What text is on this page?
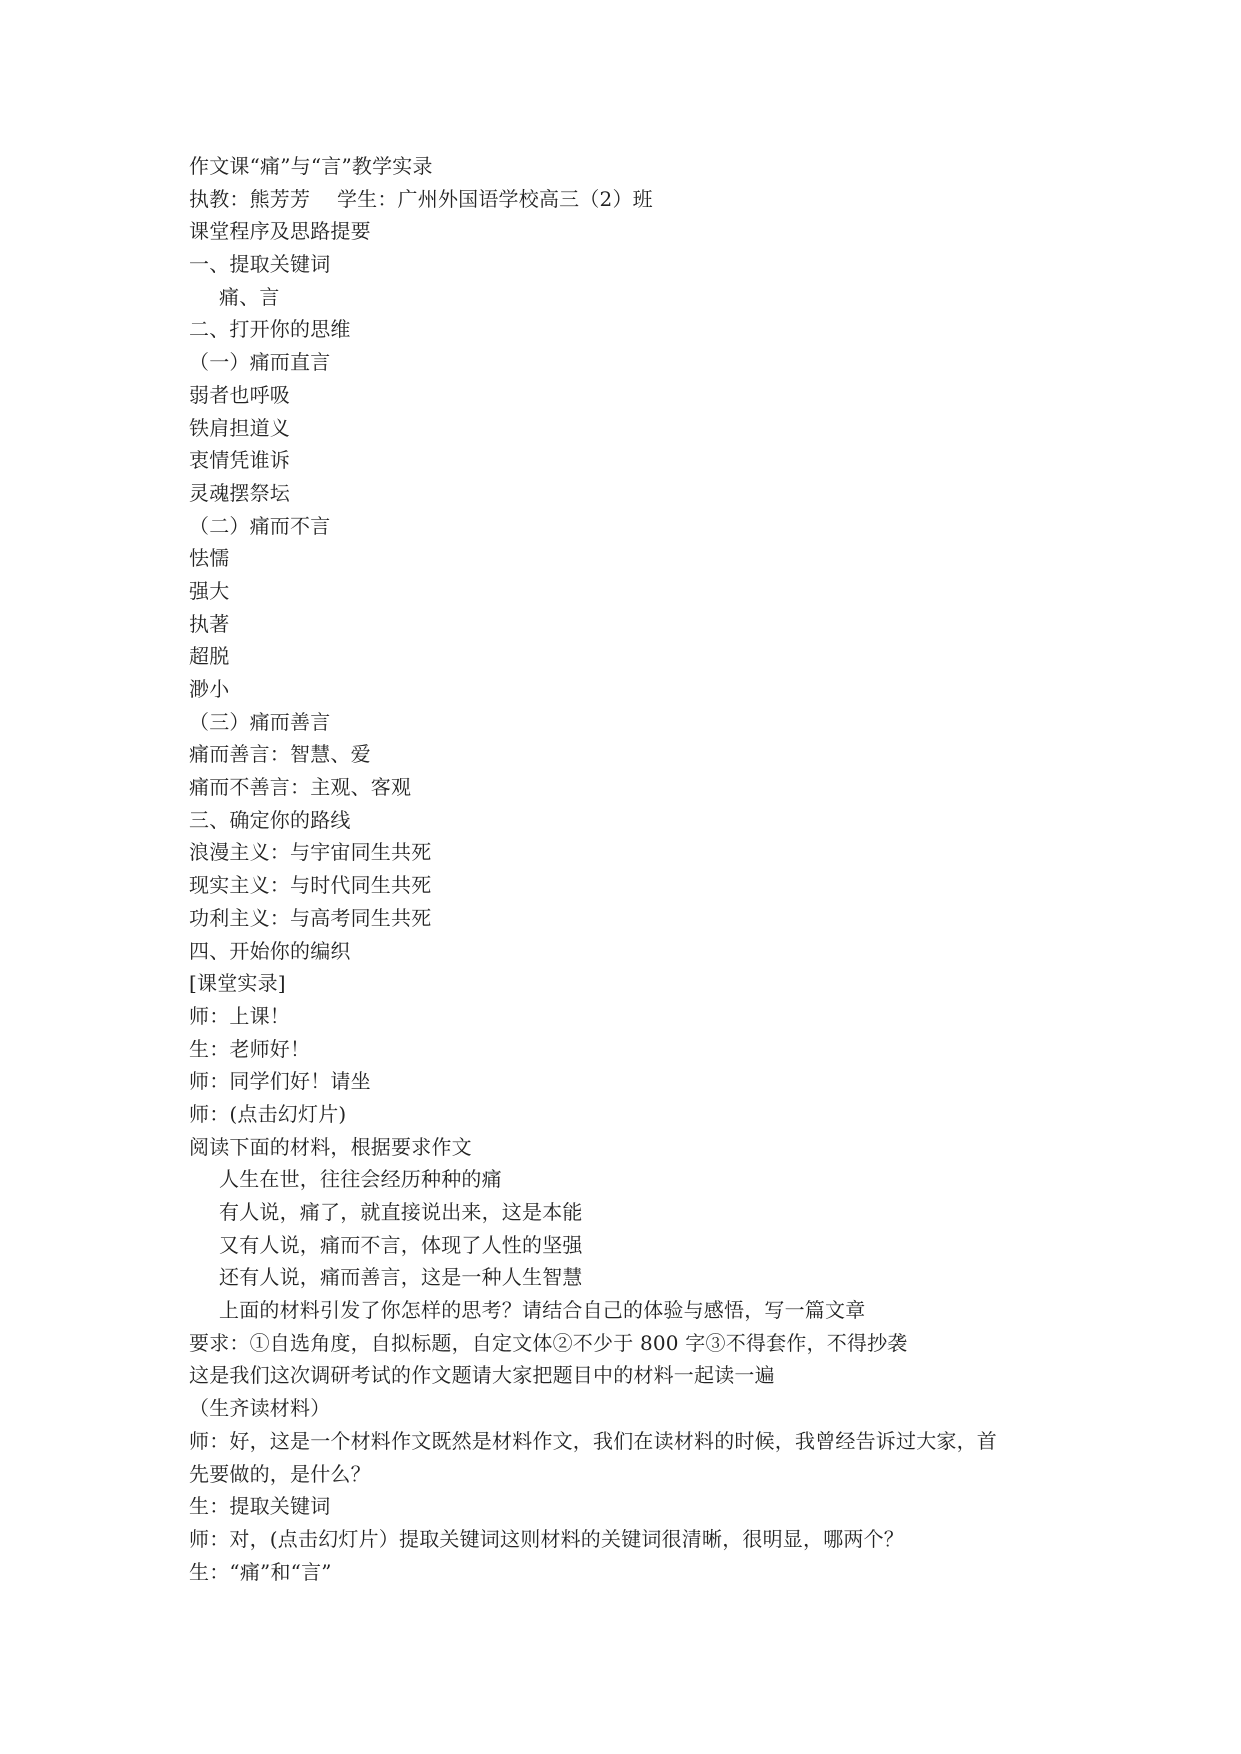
作文课“痛”与“言”教学实录
执教：熊芳芳　 学生：广州外国语学校高三（2）班
课堂程序及思路提要
一、提取关键词
痛、言
二、打开你的思维
（一）痛而直言
弱者也呼吸
铁肩担道义
衷情凭谁诉
灵魂摆祭坛
（二）痛而不言
怯懦
强大
执著
超脱
渺小
（三）痛而善言
痛而善言：智慧、爱
痛而不善言：主观、客观
三、确定你的路线
浪漫主义：与宇宙同生共死
现实主义：与时代同生共死
功利主义：与高考同生共死
四、开始你的编织
[课堂实录]
师：上课！
生：老师好！
师：同学们好！请坐
师：(点击幻灯片)
阅读下面的材料，根据要求作文
人生在世，往往会经历种种的痛
有人说，痛了，就直接说出来，这是本能
又有人说，痛而不言，体现了人性的坚强
还有人说，痛而善言，这是一种人生智慧
上面的材料引发了你怎样的思考？请结合自己的体验与感悟，写一篇文章
要求：①自选角度，自拟标题，自定文体②不少于 800 字③不得套作，不得抄袭
这是我们这次调研考试的作文题请大家把题目中的材料一起读一遍
（生齐读材料）
师：好，这是一个材料作文既然是材料作文，我们在读材料的时候，我曾经告诉过大家，首
先要做的，是什么？
生：提取关键词
师：对，(点击幻灯片）提取关键词这则材料的关键词很清晰，很明显，哪两个？
生：“痛”和“言”
